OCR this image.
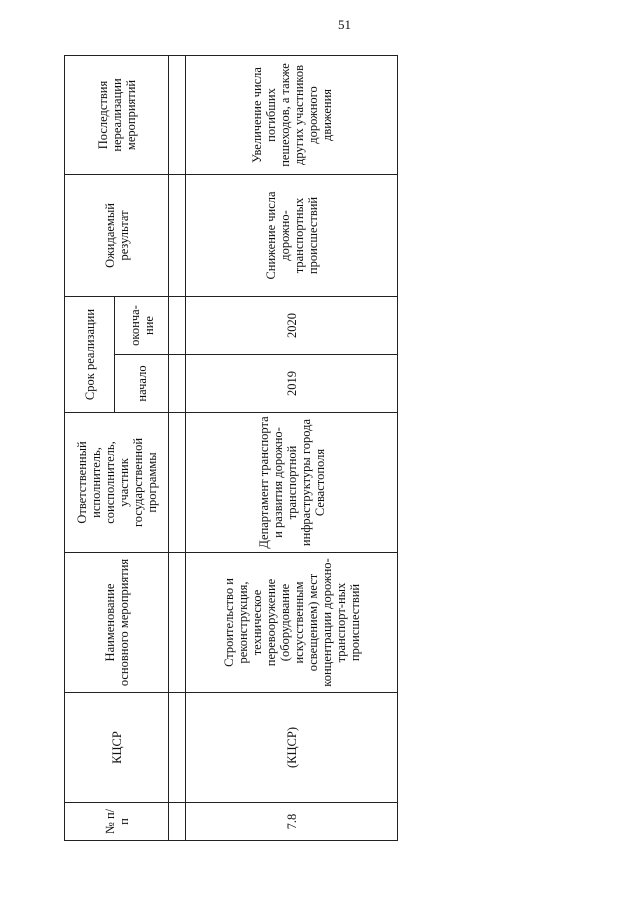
51
№ п/п	КЦСР	Наименование основного мероприятия	Ответственный исполнитель, соисполнитель, участник государственной программы	Срок реализации		Ожидаемый результат	Последствия нереализации мероприятий
				начало	оконча-ние		

7.8	(КЦСР)	Строительство и реконструкция, техническое перевооружение (оборудование искусственным освещением) мест концентрации дорожно-транспорт-ных происшествий	Департамент транспорта и развития дорожно-транспортной инфраструктуры города Севастополя	2019	2020	Снижение числа дорожно-транспортных происшествий	Увеличение числа погибших пешеходов, а также других участников дорожного движения
